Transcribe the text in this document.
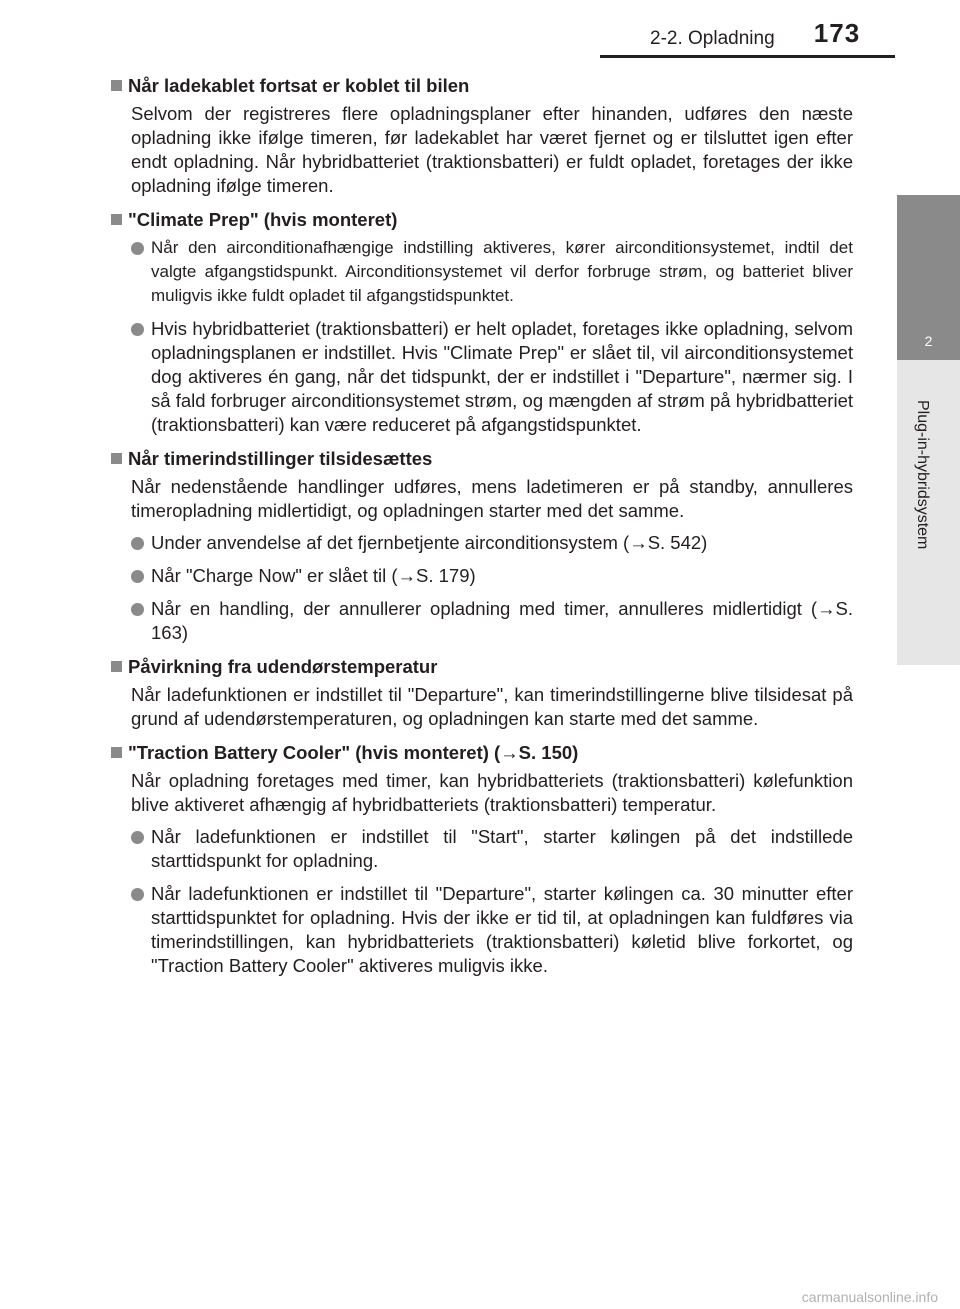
2-2. Opladning	173
2
Plug-in-hybridsystem
Når ladekablet fortsat er koblet til bilen

Selvom der registreres flere opladningsplaner efter hinanden, udføres den næste opladning ikke ifølge timeren, før ladekablet har været fjernet og er tilsluttet igen efter endt opladning. Når hybridbatteriet (traktionsbatteri) er fuldt opladet, foretages der ikke opladning ifølge timeren.

"Climate Prep" (hvis monteret)
Når den airconditionafhængige indstilling aktiveres, kører airconditionsystemet, indtil det valgte afgangstidspunkt. Airconditionsystemet vil derfor forbruge strøm, og batteriet bliver muligvis ikke fuldt opladet til afgangstidspunktet.
Hvis hybridbatteriet (traktionsbatteri) er helt opladet, foretages ikke opladning, selvom opladningsplanen er indstillet. Hvis "Climate Prep" er slået til, vil airconditionsystemet dog aktiveres én gang, når det tidspunkt, der er indstillet i "Departure", nærmer sig. I så fald forbruger airconditionsystemet strøm, og mængden af strøm på hybridbatteriet (traktionsbatteri) kan være reduceret på afgangstidspunktet.
Når timerindstillinger tilsidesættes

Når nedenstående handlinger udføres, mens ladetimeren er på standby, annulleres timeropladning midlertidigt, og opladningen starter med det samme.

Under anvendelse af det fjernbetjente airconditionsystem (→S. 542)
Når "Charge Now" er slået til (→S. 179)
Når en handling, der annullerer opladning med timer, annulleres midlertidigt (→S. 163)
Påvirkning fra udendørstemperatur

Når ladefunktionen er indstillet til "Departure", kan timerindstillingerne blive tilsidesat på grund af udendørstemperaturen, og opladningen kan starte med det samme.

"Traction Battery Cooler" (hvis monteret) (→S. 150)

Når opladning foretages med timer, kan hybridbatteriets (traktionsbatteri) kølefunktion blive aktiveret afhængig af hybridbatteriets (traktionsbatteri) temperatur.

Når ladefunktionen er indstillet til "Start", starter kølingen på det indstillede starttidspunkt for opladning.
Når ladefunktionen er indstillet til "Departure", starter kølingen ca. 30 minutter efter starttidspunktet for opladning. Hvis der ikke er tid til, at opladningen kan fuldføres via timerindstillingen, kan hybridbatteriets (traktionsbatteri) køletid blive forkortet, og "Traction Battery Cooler" aktiveres muligvis ikke.
carmanualsonline.info
